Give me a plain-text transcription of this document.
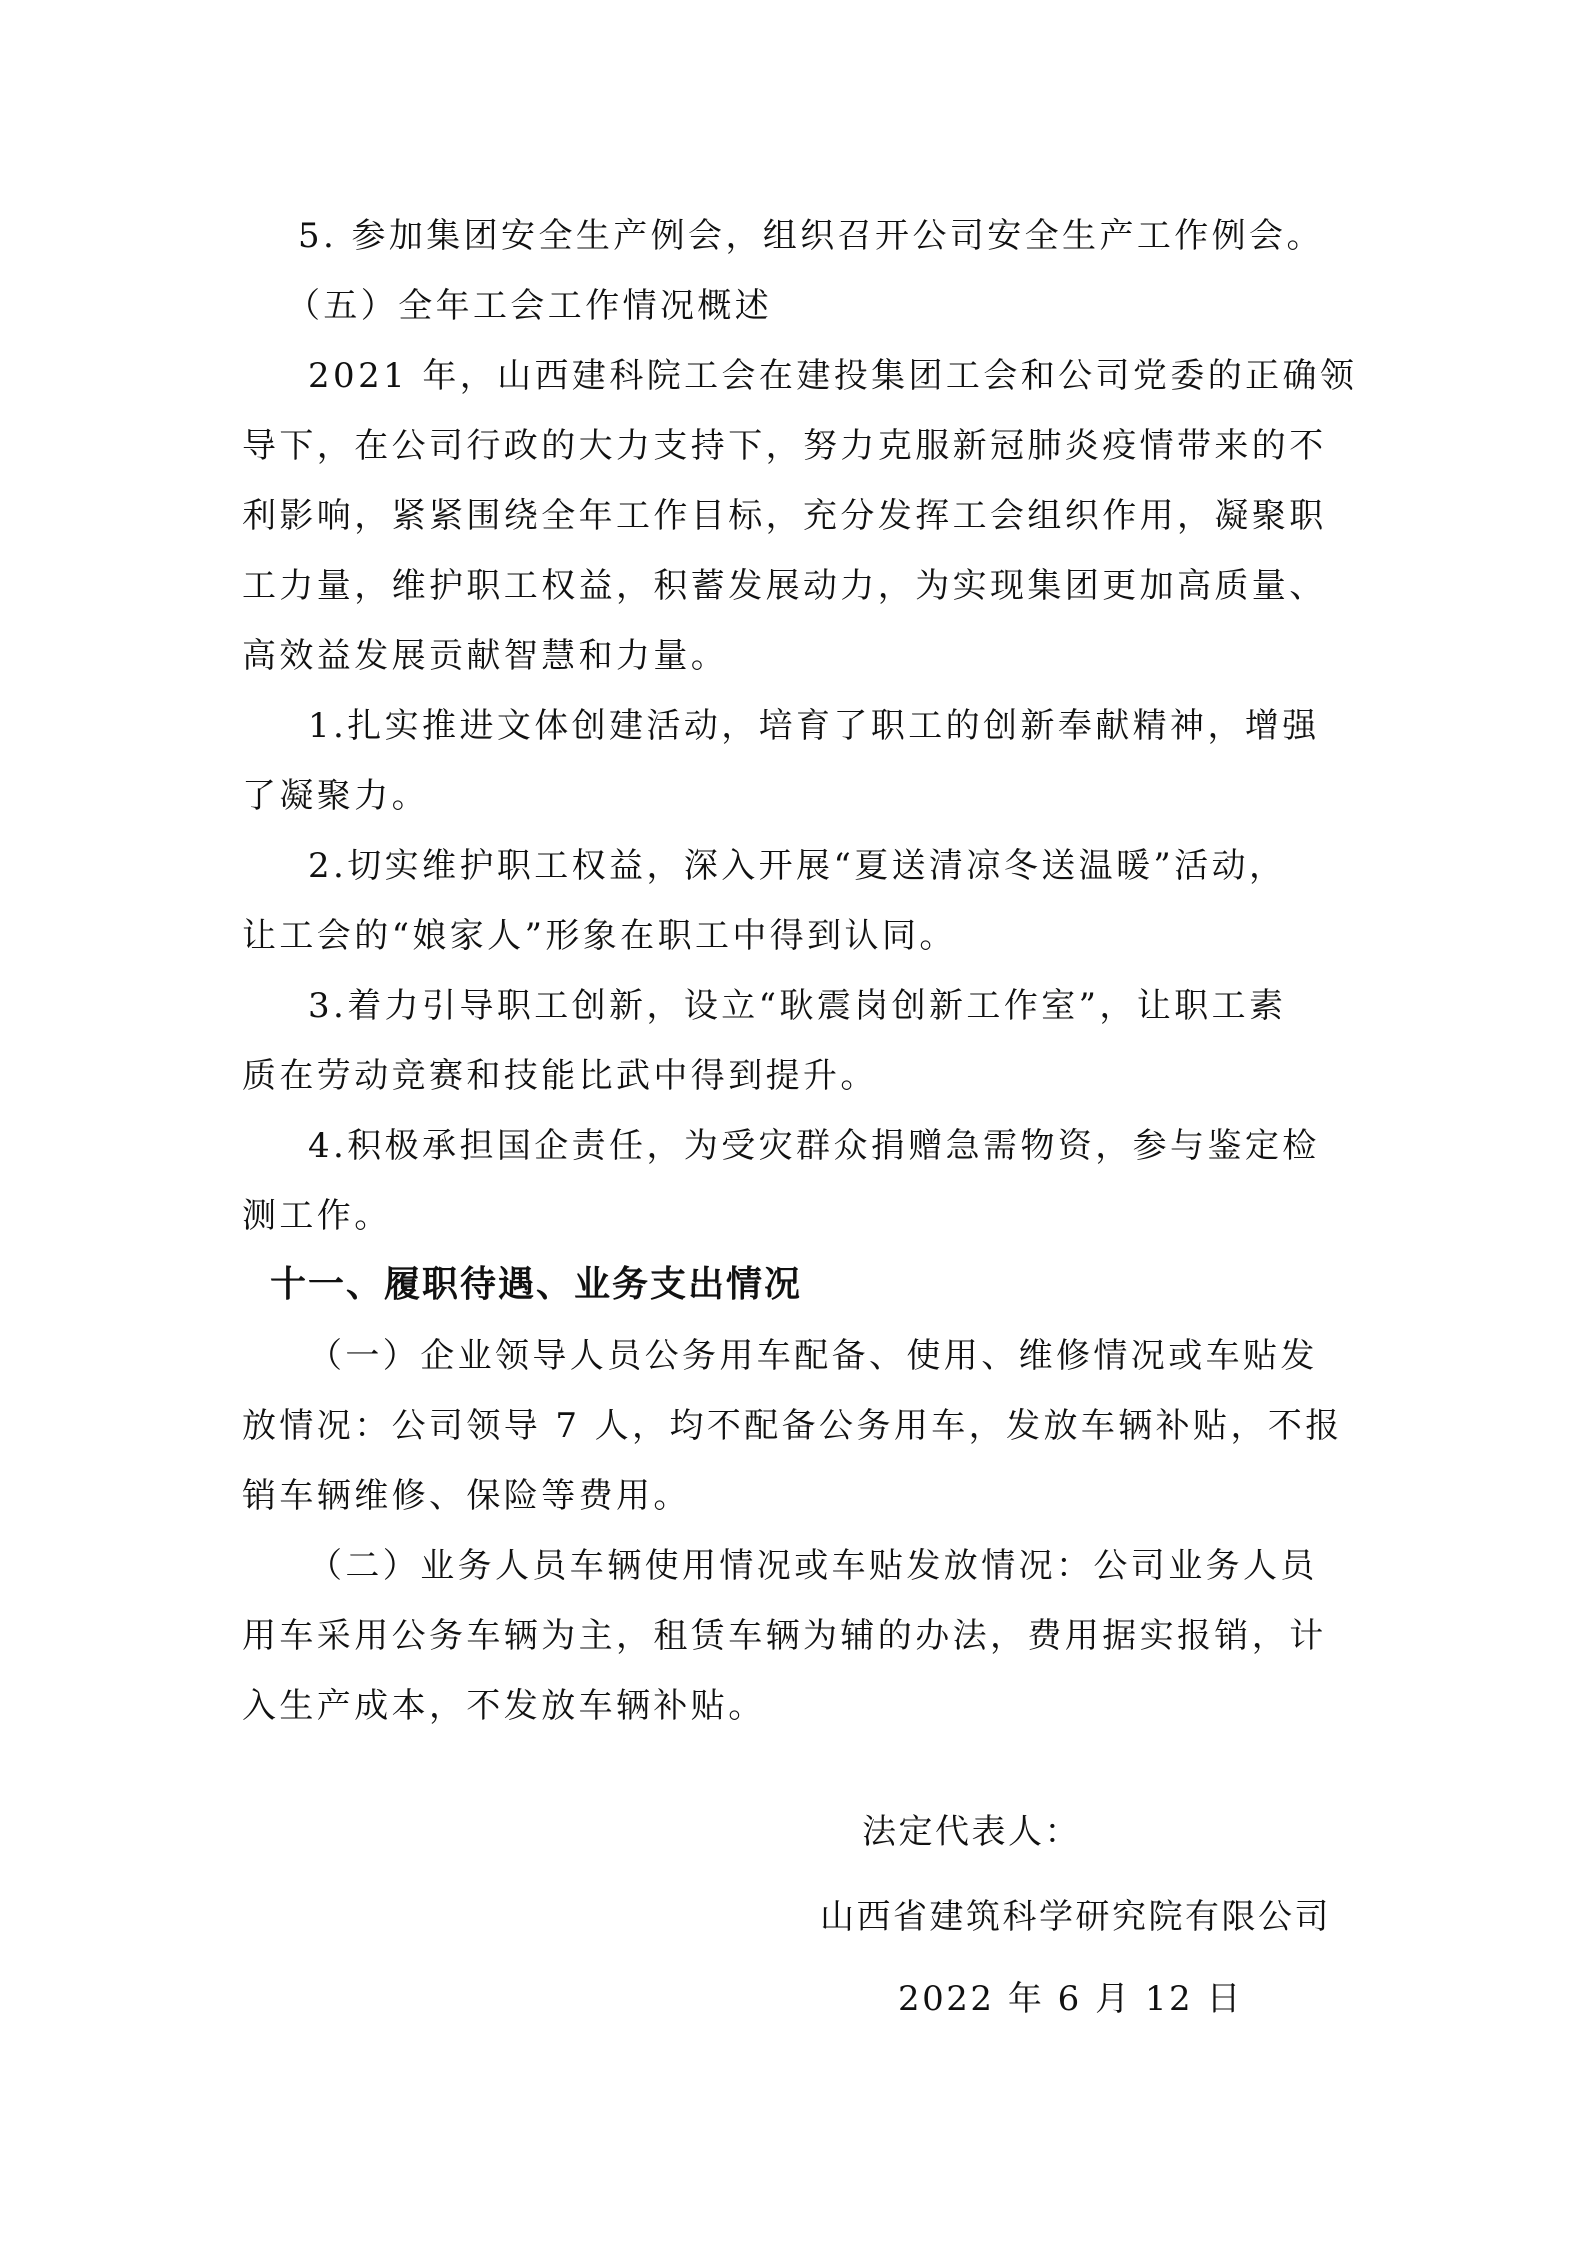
5. 参加集团安全生产例会，组织召开公司安全生产工作例会。
（五）全年工会工作情况概述
2021 年，山西建科院工会在建投集团工会和公司党委的正确领
导下，在公司行政的大力支持下，努力克服新冠肺炎疫情带来的不
利影响，紧紧围绕全年工作目标，充分发挥工会组织作用，凝聚职
工力量，维护职工权益，积蓄发展动力，为实现集团更加高质量、
高效益发展贡献智慧和力量。
1.扎实推进文体创建活动，培育了职工的创新奉献精神，增强
了凝聚力。
2.切实维护职工权益，深入开展“夏送清凉冬送温暖”活动，
让工会的“娘家人”形象在职工中得到认同。
3.着力引导职工创新，设立“耿震岗创新工作室”，让职工素
质在劳动竞赛和技能比武中得到提升。
4.积极承担国企责任，为受灾群众捐赠急需物资，参与鉴定检
测工作。
十一、履职待遇、业务支出情况
（一）企业领导人员公务用车配备、使用、维修情况或车贴发
放情况：公司领导 7 人，均不配备公务用车，发放车辆补贴，不报
销车辆维修、保险等费用。
（二）业务人员车辆使用情况或车贴发放情况：公司业务人员
用车采用公务车辆为主，租赁车辆为辅的办法，费用据实报销，计
入生产成本，不发放车辆补贴。
法定代表人：
山西省建筑科学研究院有限公司
2022 年 6 月 12 日
